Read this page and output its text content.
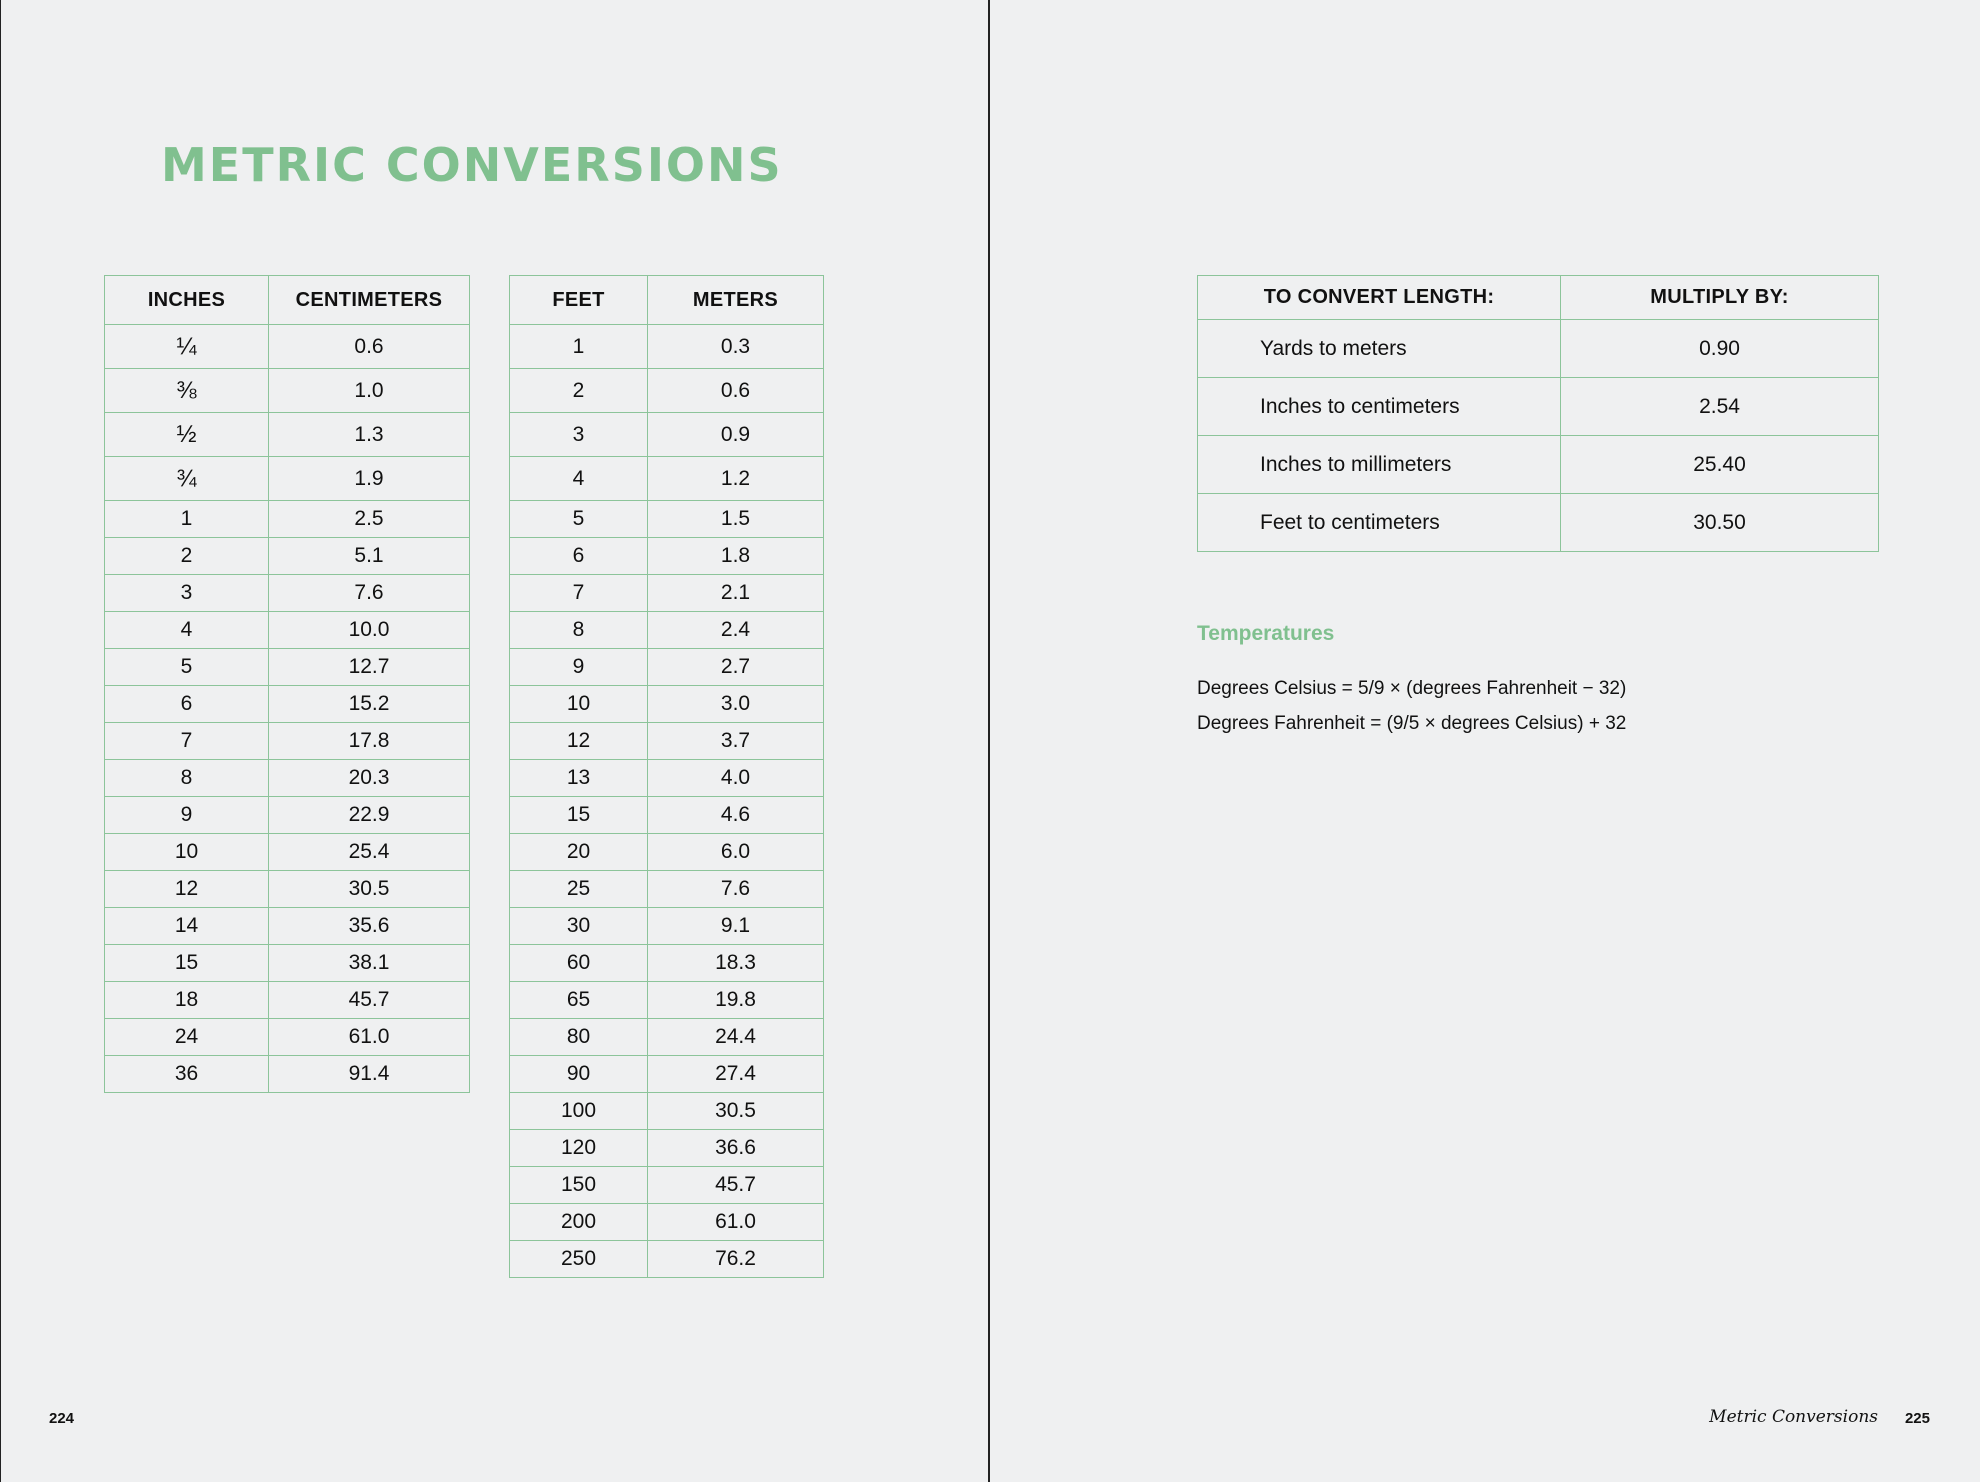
METRIC CONVERSIONS
INCHES	CENTIMETERS
¼	0.6
⅜	1.0
½	1.3
¾	1.9
1	2.5
2	5.1
3	7.6
4	10.0
5	12.7
6	15.2
7	17.8
8	20.3
9	22.9
10	25.4
12	30.5
14	35.6
15	38.1
18	45.7
24	61.0
36	91.4
FEET	METERS
1	0.3
2	0.6
3	0.9
4	1.2
5	1.5
6	1.8
7	2.1
8	2.4
9	2.7
10	3.0
12	3.7
13	4.0
15	4.6
20	6.0
25	7.6
30	9.1
60	18.3
65	19.8
80	24.4
90	27.4
100	30.5
120	36.6
150	45.7
200	61.0
250	76.2
224
TO CONVERT LENGTH:	MULTIPLY BY:
Yards to meters	0.90
Inches to centimeters	2.54
Inches to millimeters	25.40
Feet to centimeters	30.50
Temperatures

Degrees Celsius = 5/9 × (degrees Fahrenheit − 32)

Degrees Fahrenheit = (9/5 × degrees Celsius) + 32

Metric Conversions 225
